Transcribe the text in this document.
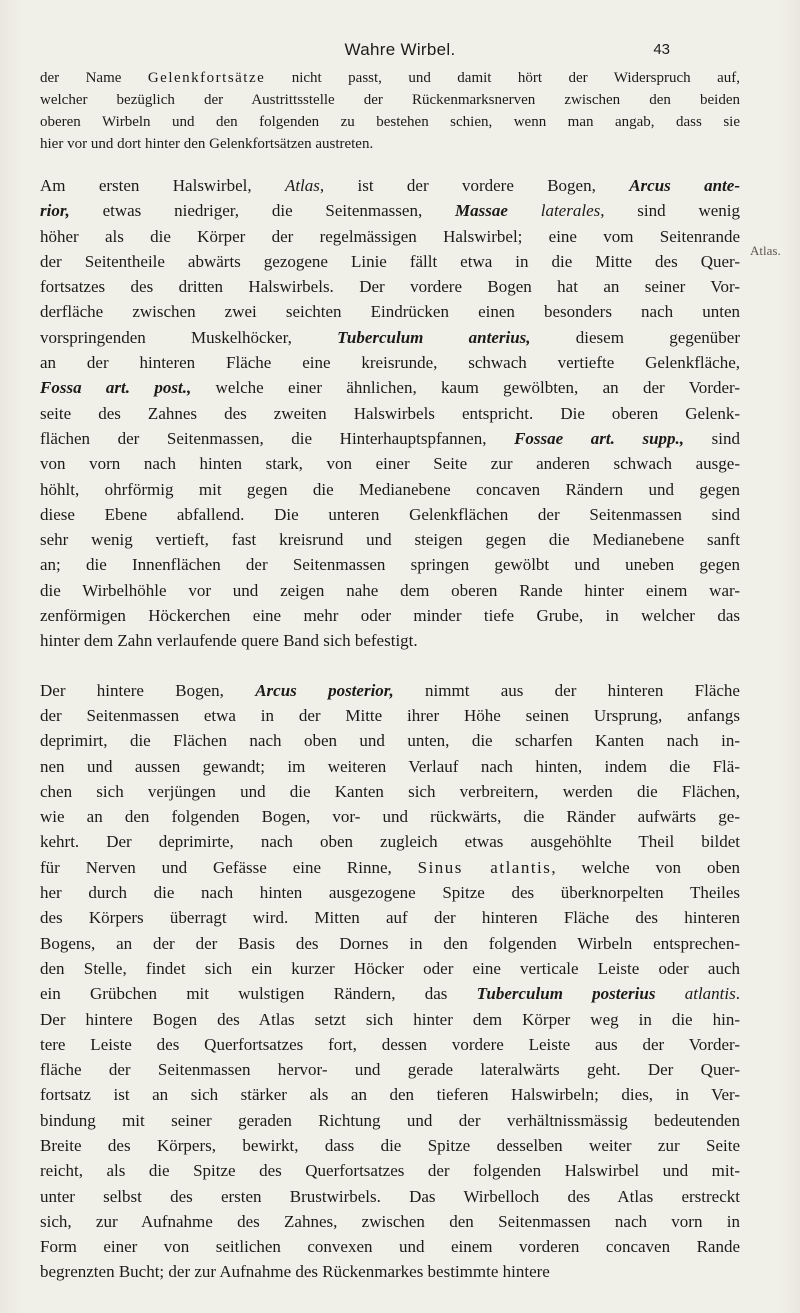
Wahre Wirbel.	43
Atlas.
der Name Gelenkfortsätze nicht passt, und damit hört der Widerspruch auf,
welcher bezüglich der Austrittsstelle der Rückenmarksnerven zwischen den beiden
oberen Wirbeln und den folgenden zu bestehen schien, wenn man angab, dass sie
hier vor und dort hinter den Gelenkfortsätzen austreten.
Am ersten Halswirbel, Atlas, ist der vordere Bogen, Arcus ante-
rior, etwas niedriger, die Seitenmassen, Massae laterales, sind wenig
höher als die Körper der regelmässigen Halswirbel; eine vom Seitenrande
der Seitentheile abwärts gezogene Linie fällt etwa in die Mitte des Quer-
fortsatzes des dritten Halswirbels. Der vordere Bogen hat an seiner Vor-
derfläche zwischen zwei seichten Eindrücken einen besonders nach unten
vorspringenden Muskelhöcker, Tuberculum anterius, diesem gegenüber
an der hinteren Fläche eine kreisrunde, schwach vertiefte Gelenkfläche,
Fossa art. post., welche einer ähnlichen, kaum gewölbten, an der Vorder-
seite des Zahnes des zweiten Halswirbels entspricht. Die oberen Gelenk-
flächen der Seitenmassen, die Hinterhauptspfannen, Fossae art. supp., sind
von vorn nach hinten stark, von einer Seite zur anderen schwach ausge-
höhlt, ohrförmig mit gegen die Medianebene concaven Rändern und gegen
diese Ebene abfallend. Die unteren Gelenkflächen der Seitenmassen sind
sehr wenig vertieft, fast kreisrund und steigen gegen die Medianebene sanft
an; die Innenflächen der Seitenmassen springen gewölbt und uneben gegen
die Wirbelhöhle vor und zeigen nahe dem oberen Rande hinter einem war-
zenförmigen Höckerchen eine mehr oder minder tiefe Grube, in welcher das
hinter dem Zahn verlaufende quere Band sich befestigt.
Der hintere Bogen, Arcus posterior, nimmt aus der hinteren Fläche
der Seitenmassen etwa in der Mitte ihrer Höhe seinen Ursprung, anfangs
deprimirt, die Flächen nach oben und unten, die scharfen Kanten nach in-
nen und aussen gewandt; im weiteren Verlauf nach hinten, indem die Flä-
chen sich verjüngen und die Kanten sich verbreitern, werden die Flächen,
wie an den folgenden Bogen, vor- und rückwärts, die Ränder aufwärts ge-
kehrt. Der deprimirte, nach oben zugleich etwas ausgehöhlte Theil bildet
für Nerven und Gefässe eine Rinne, Sinus atlantis, welche von oben
her durch die nach hinten ausgezogene Spitze des überknorpelten Theiles
des Körpers überragt wird. Mitten auf der hinteren Fläche des hinteren
Bogens, an der der Basis des Dornes in den folgenden Wirbeln entsprechen-
den Stelle, findet sich ein kurzer Höcker oder eine verticale Leiste oder auch
ein Grübchen mit wulstigen Rändern, das Tuberculum posterius atlantis.
Der hintere Bogen des Atlas setzt sich hinter dem Körper weg in die hin-
tere Leiste des Querfortsatzes fort, dessen vordere Leiste aus der Vorder-
fläche der Seitenmassen hervor- und gerade lateralwärts geht. Der Quer-
fortsatz ist an sich stärker als an den tieferen Halswirbeln; dies, in Ver-
bindung mit seiner geraden Richtung und der verhältnissmässig bedeutenden
Breite des Körpers, bewirkt, dass die Spitze desselben weiter zur Seite
reicht, als die Spitze des Querfortsatzes der folgenden Halswirbel und mit-
unter selbst des ersten Brustwirbels. Das Wirbelloch des Atlas erstreckt
sich, zur Aufnahme des Zahnes, zwischen den Seitenmassen nach vorn in
Form einer von seitlichen convexen und einem vorderen concaven Rande
begrenzten Bucht; der zur Aufnahme des Rückenmarkes bestimmte hintere
